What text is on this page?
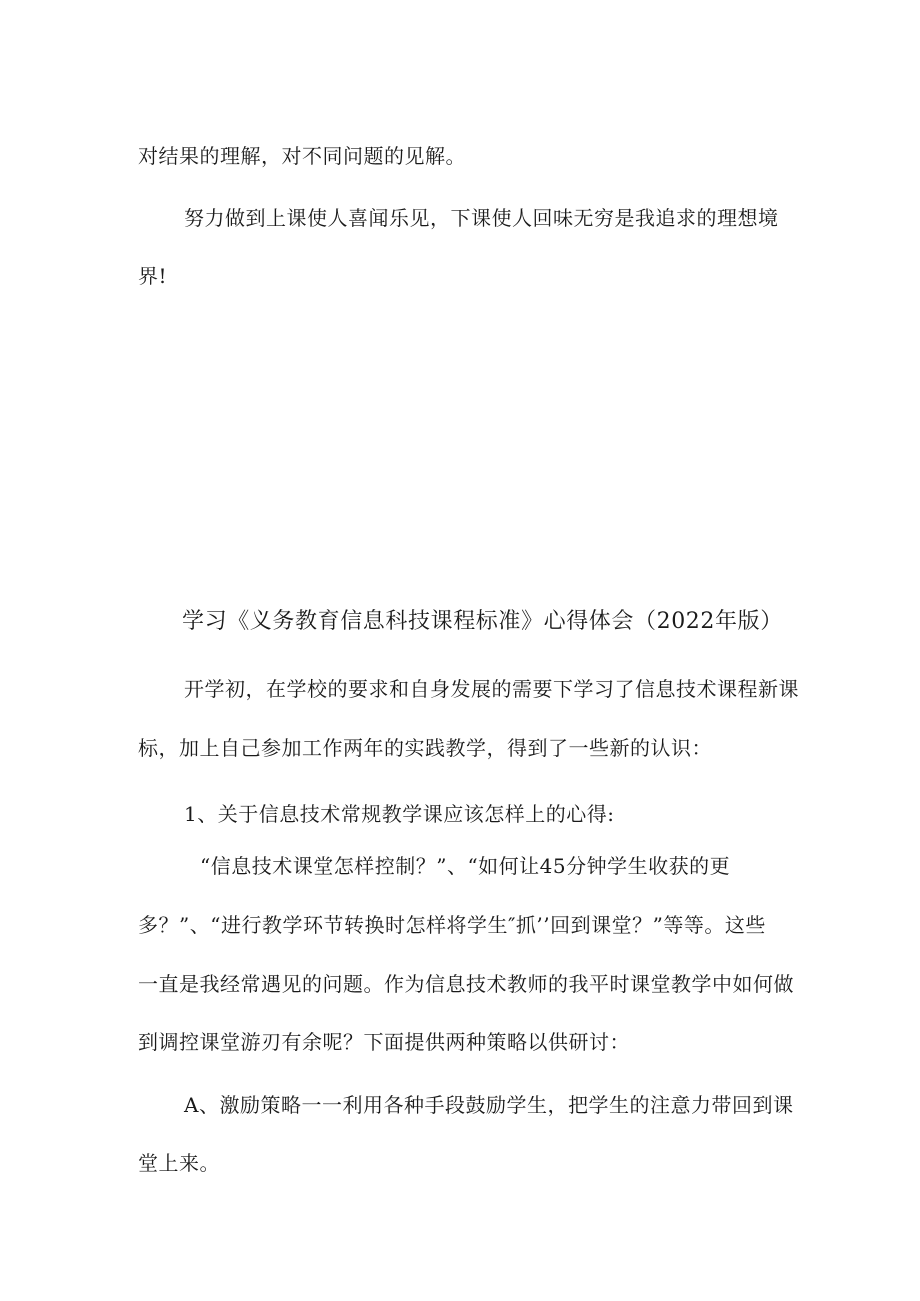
对结果的理解，对不同问题的见解。
努力做到上课使人喜闻乐见，下课使人回味无穷是我追求的理想境
界!
学习《义务教育信息科技课程标准》心得体会（2022年版）
开学初，在学校的要求和自身发展的需要下学习了信息技术课程新课
标，加上自己参加工作两年的实践教学，得到了一些新的认识：
1、关于信息技术常规教学课应该怎样上的心得:
“信息技术课堂怎样控制？”、“如何让45分钟学生收获的更
多？”、“进行教学环节转换时怎样将学生″抓’’回到课堂？”等等。这些
一直是我经常遇见的问题。作为信息技术教师的我平时课堂教学中如何做
到调控课堂游刃有余呢？下面提供两种策略以供研讨：
A、激励策略一一利用各种手段鼓励学生，把学生的注意力带回到课
堂上来。
